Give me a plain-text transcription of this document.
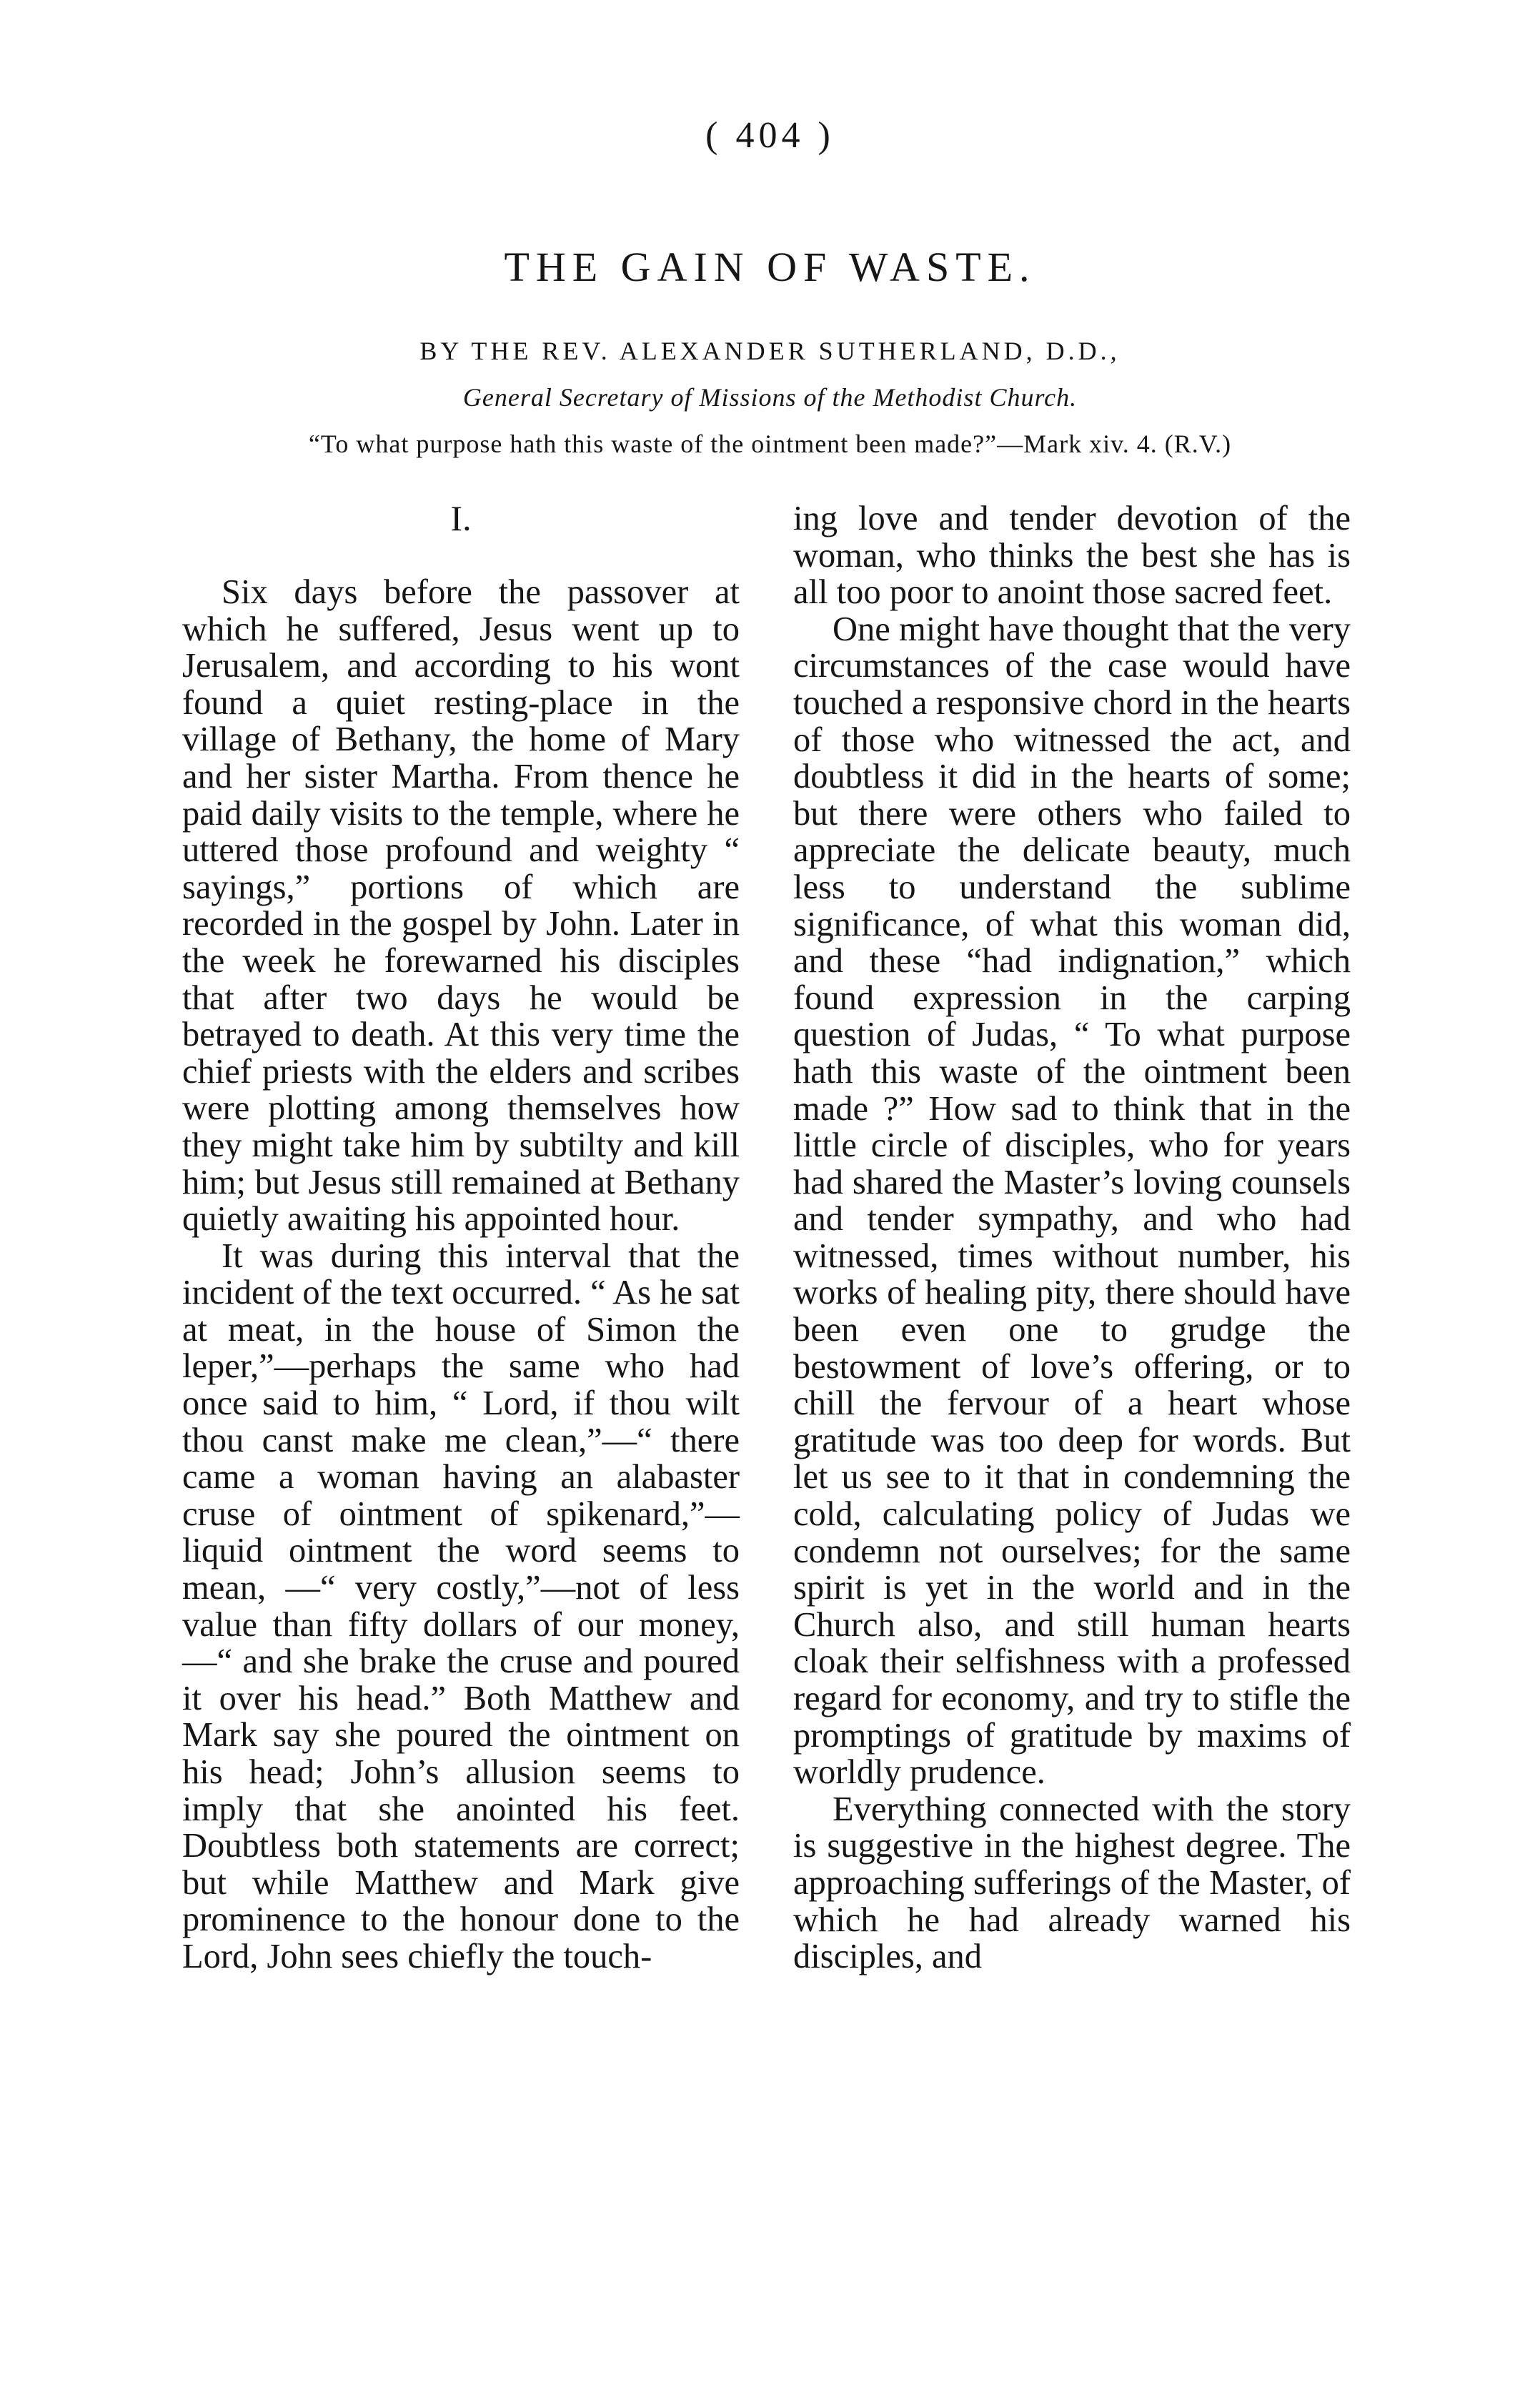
( 404 )
THE GAIN OF WASTE.
BY THE REV. ALEXANDER SUTHERLAND, D.D.,
General Secretary of Missions of the Methodist Church.
“To what purpose hath this waste of the ointment been made?”—Mark xiv. 4. (R.V.)
I.

Six days before the passover at which he suffered, Jesus went up to Jerusalem, and according to his wont found a quiet resting-place in the village of Bethany, the home of Mary and her sister Martha. From thence he paid daily visits to the temple, where he uttered those profound and weighty “ sayings,” portions of which are recorded in the gospel by John. Later in the week he forewarned his disciples that after two days he would be betrayed to death. At this very time the chief priests with the elders and scribes were plotting among themselves how they might take him by subtilty and kill him; but Jesus still remained at Bethany quietly awaiting his appointed hour.

It was during this interval that the incident of the text occurred. “ As he sat at meat, in the house of Simon the leper,”—perhaps the same who had once said to him, “ Lord, if thou wilt thou canst make me clean,”—“ there came a woman having an alabaster cruse of ointment of spikenard,”—liquid ointment the word seems to mean, —“ very costly,”—not of less value than fifty dollars of our money,—“ and she brake the cruse and poured it over his head.” Both Matthew and Mark say she poured the ointment on his head; John’s allusion seems to imply that she anointed his feet. Doubtless both statements are correct; but while Matthew and Mark give prominence to the honour done to the Lord, John sees chiefly the touch-

ing love and tender devotion of the woman, who thinks the best she has is all too poor to anoint those sacred feet.

One might have thought that the very circumstances of the case would have touched a responsive chord in the hearts of those who witnessed the act, and doubtless it did in the hearts of some; but there were others who failed to appreciate the delicate beauty, much less to understand the sublime significance, of what this woman did, and these “had indignation,” which found expression in the carping question of Judas, “ To what purpose hath this waste of the ointment been made ?” How sad to think that in the little circle of disciples, who for years had shared the Master’s loving counsels and tender sympathy, and who had witnessed, times without number, his works of healing pity, there should have been even one to grudge the bestowment of love’s offering, or to chill the fervour of a heart whose gratitude was too deep for words. But let us see to it that in condemning the cold, calculating policy of Judas we condemn not ourselves; for the same spirit is yet in the world and in the Church also, and still human hearts cloak their selfishness with a professed regard for economy, and try to stifle the promptings of gratitude by maxims of worldly prudence.

Everything connected with the story is suggestive in the highest degree. The approaching sufferings of the Master, of which he had already warned his disciples, and
